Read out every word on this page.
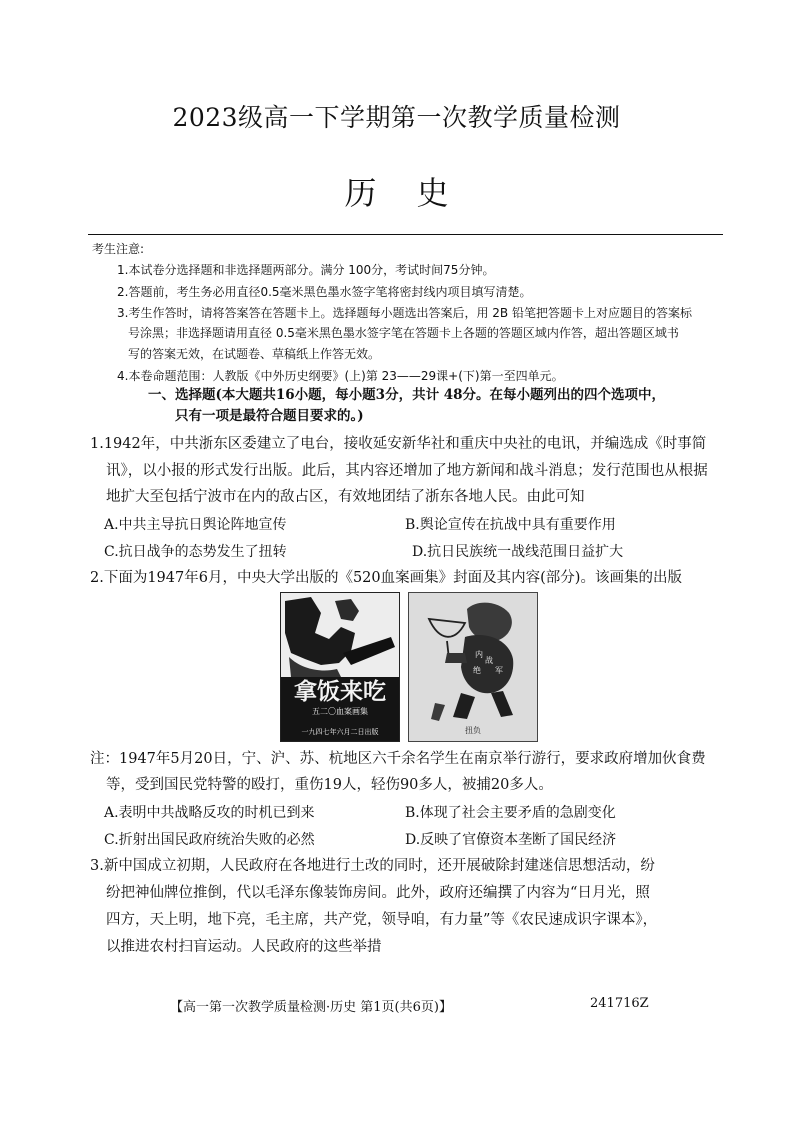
2023级高一下学期第一次教学质量检测
历史
考生注意:
1.本试卷分选择题和非选择题两部分。满分 100分，考试时间75分钟。
2.答题前，考生务必用直径0.5毫米黑色墨水签字笔将密封线内项目填写清楚。
3.考生作答时，请将答案答在答题卡上。选择题每小题选出答案后，用 2B 铅笔把答题卡上对应题目的答案标
号涂黑；非选择题请用直径 0.5毫米黑色墨水签字笔在答题卡上各题的答题区域内作答，超出答题区域书
写的答案无效，在试题卷、草稿纸上作答无效。
4.本卷命题范围：人教版《中外历史纲要》(上)第 23——29课+(下)第一至四单元。
一、选择题(本大题共16小题，每小题3分，共计 48分。在每小题列出的四个选项中，
只有一项是最符合题目要求的。)
1.1942年，中共浙东区委建立了电台，接收延安新华社和重庆中央社的电讯，并编选成《时事简
讯》，以小报的形式发行出版。此后，其内容还增加了地方新闻和战斗消息；发行范围也从根据
地扩大至包括宁波市在内的敌占区，有效地团结了浙东各地人民。由此可知
A.中共主导抗日舆论阵地宣传	B.舆论宣传在抗战中具有重要作用
C.抗日战争的态势发生了扭转	D.抗日民族统一战线范围日益扩大
2.下面为1947年6月，中央大学出版的《520血案画集》封面及其内容(部分)。该画集的出版
拿饭来吃
五二〇血案画集
一九四七年六月二日出版
内
战
绝 军
扭负
注：1947年5月20日，宁、沪、苏、杭地区六千余名学生在南京举行游行，要求政府增加伙食费
等，受到国民党特警的殴打，重伤19人，轻伤90多人，被捕20多人。
A.表明中共战略反攻的时机已到来	B.体现了社会主要矛盾的急剧变化
C.折射出国民政府统治失败的必然	D.反映了官僚资本垄断了国民经济
3.新中国成立初期，人民政府在各地进行土改的同时，还开展破除封建迷信思想活动，纷
纷把神仙牌位推倒，代以毛泽东像装饰房间。此外，政府还编撰了内容为“日月光，照
四方，天上明，地下亮，毛主席，共产党，领导咱，有力量”等《农民速成识字课本》，
以推进农村扫盲运动。人民政府的这些举措
【高一第一次教学质量检测·历史 第1页(共6页)】	241716Z
